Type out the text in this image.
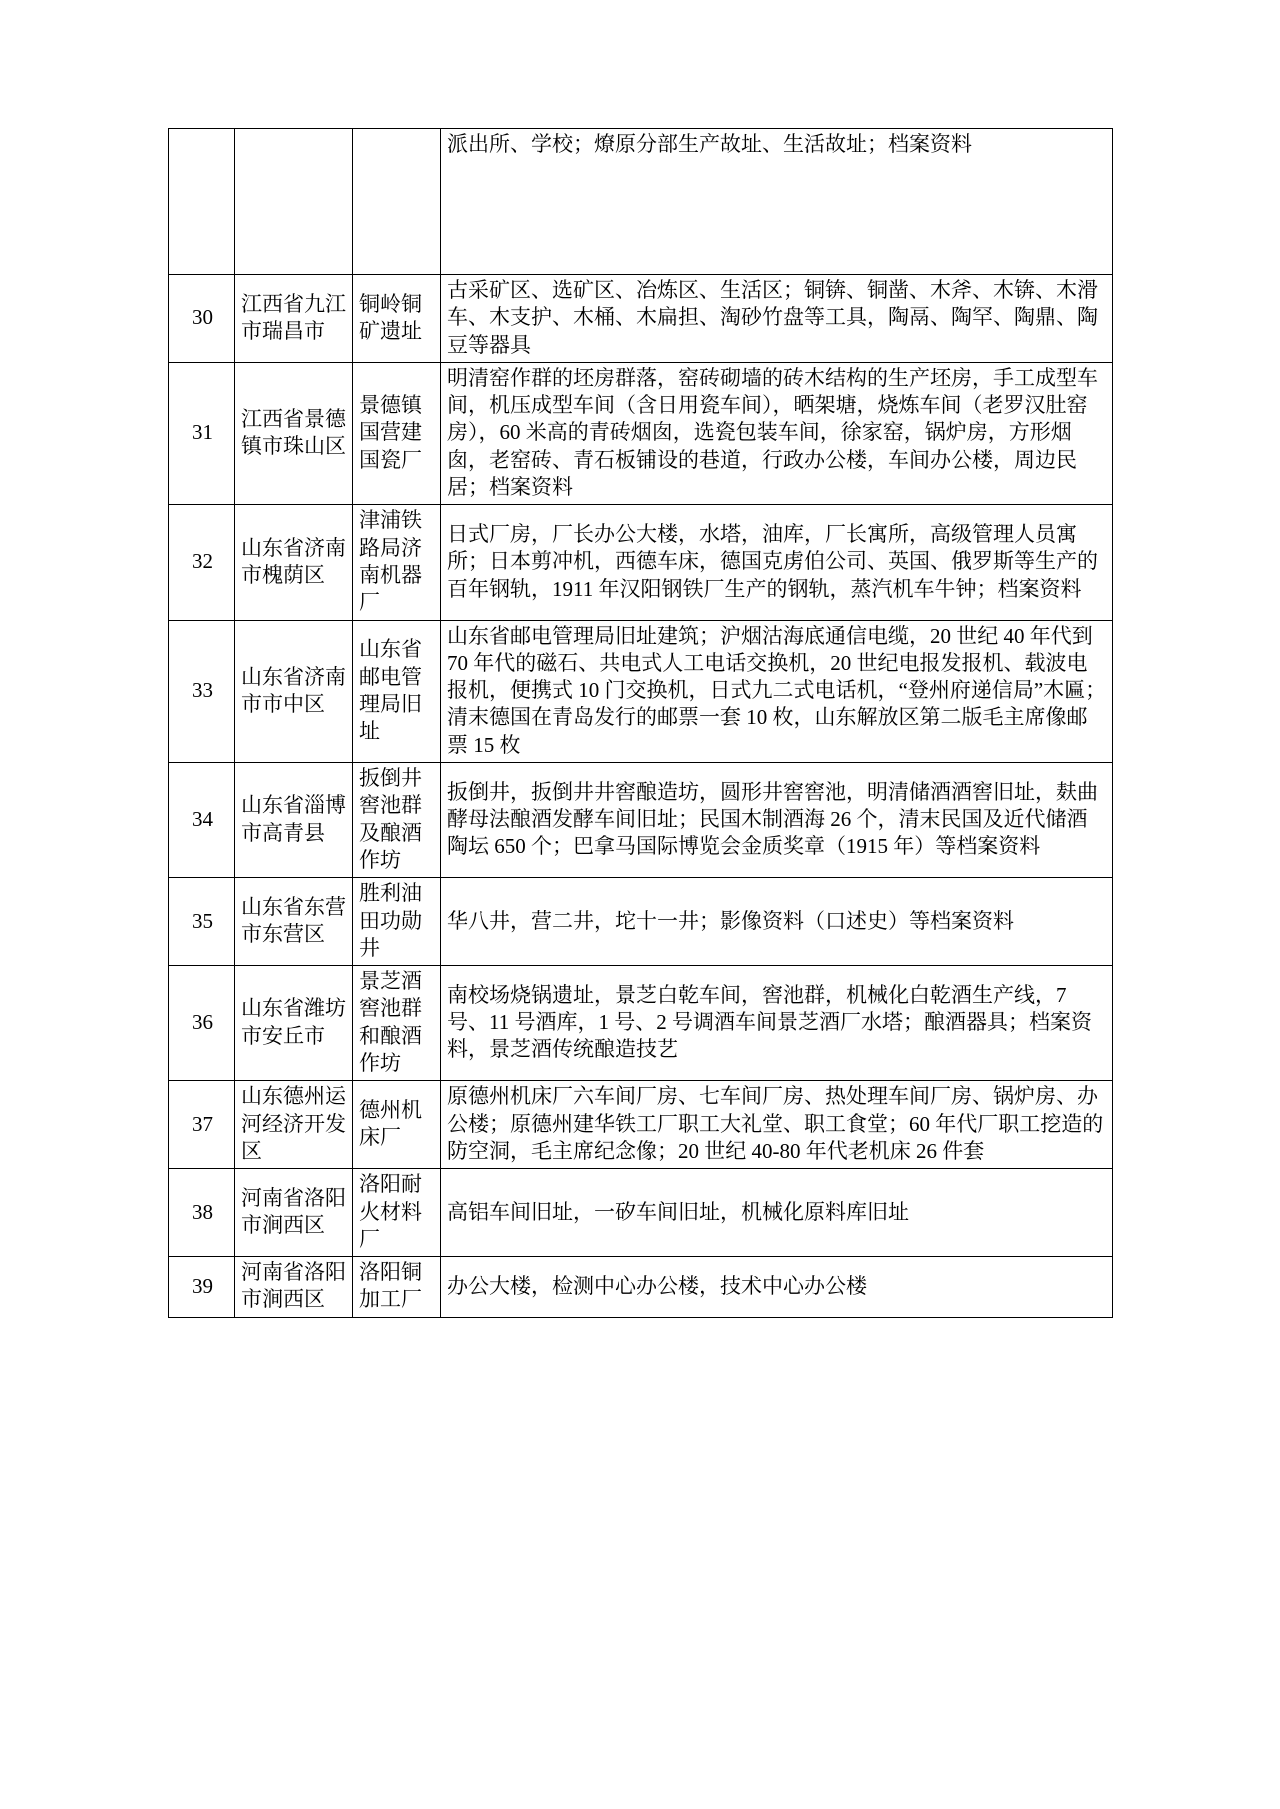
			派出所、学校；燎原分部生产故址、生活故址；档案资料
30	江西省九江市瑞昌市	铜岭铜矿遗址	古采矿区、选矿区、冶炼区、生活区；铜锛、铜凿、木斧、木锛、木滑车、木支护、木桶、木扁担、淘砂竹盘等工具，陶鬲、陶罕、陶鼎、陶豆等器具
31	江西省景德镇市珠山区	景德镇国营建国瓷厂	明清窑作群的坯房群落，窑砖砌墙的砖木结构的生产坯房，手工成型车间，机压成型车间（含日用瓷车间），晒架塘，烧炼车间（老罗汉肚窑房），60 米高的青砖烟囱，选瓷包装车间，徐家窑，锅炉房，方形烟囱，老窑砖、青石板铺设的巷道，行政办公楼，车间办公楼，周边民居；档案资料
32	山东省济南市槐荫区	津浦铁路局济南机器厂	日式厂房，厂长办公大楼，水塔，油库，厂长寓所，高级管理人员寓所；日本剪冲机，西德车床，德国克虏伯公司、英国、俄罗斯等生产的百年钢轨，1911 年汉阳钢铁厂生产的钢轨，蒸汽机车牛钟；档案资料
33	山东省济南市市中区	山东省邮电管理局旧址	山东省邮电管理局旧址建筑；沪烟沽海底通信电缆，20 世纪 40 年代到 70 年代的磁石、共电式人工电话交换机，20 世纪电报发报机、载波电报机，便携式 10 门交换机，日式九二式电话机，“登州府递信局”木匾；清末德国在青岛发行的邮票一套 10 枚，山东解放区第二版毛主席像邮票 15 枚
34	山东省淄博市高青县	扳倒井窖池群及酿酒作坊	扳倒井，扳倒井井窖酿造坊，圆形井窖窖池，明清储酒酒窖旧址，麸曲酵母法酿酒发酵车间旧址；民国木制酒海 26 个，清末民国及近代储酒陶坛 650 个；巴拿马国际博览会金质奖章（1915 年）等档案资料
35	山东省东营市东营区	胜利油田功勋井	华八井，营二井，坨十一井；影像资料（口述史）等档案资料
36	山东省潍坊市安丘市	景芝酒窖池群和酿酒作坊	南校场烧锅遗址，景芝白乾车间，窖池群，机械化白乾酒生产线，7 号、11 号酒库，1 号、2 号调酒车间景芝酒厂水塔；酿酒器具；档案资料，景芝酒传统酿造技艺
37	山东德州运河经济开发区	德州机床厂	原德州机床厂六车间厂房、七车间厂房、热处理车间厂房、锅炉房、办公楼；原德州建华铁工厂职工大礼堂、职工食堂；60 年代厂职工挖造的防空洞，毛主席纪念像；20 世纪 40-80 年代老机床 26 件套
38	河南省洛阳市涧西区	洛阳耐火材料厂	高铝车间旧址，一矽车间旧址，机械化原料库旧址
39	河南省洛阳市涧西区	洛阳铜加工厂	办公大楼，检测中心办公楼，技术中心办公楼
